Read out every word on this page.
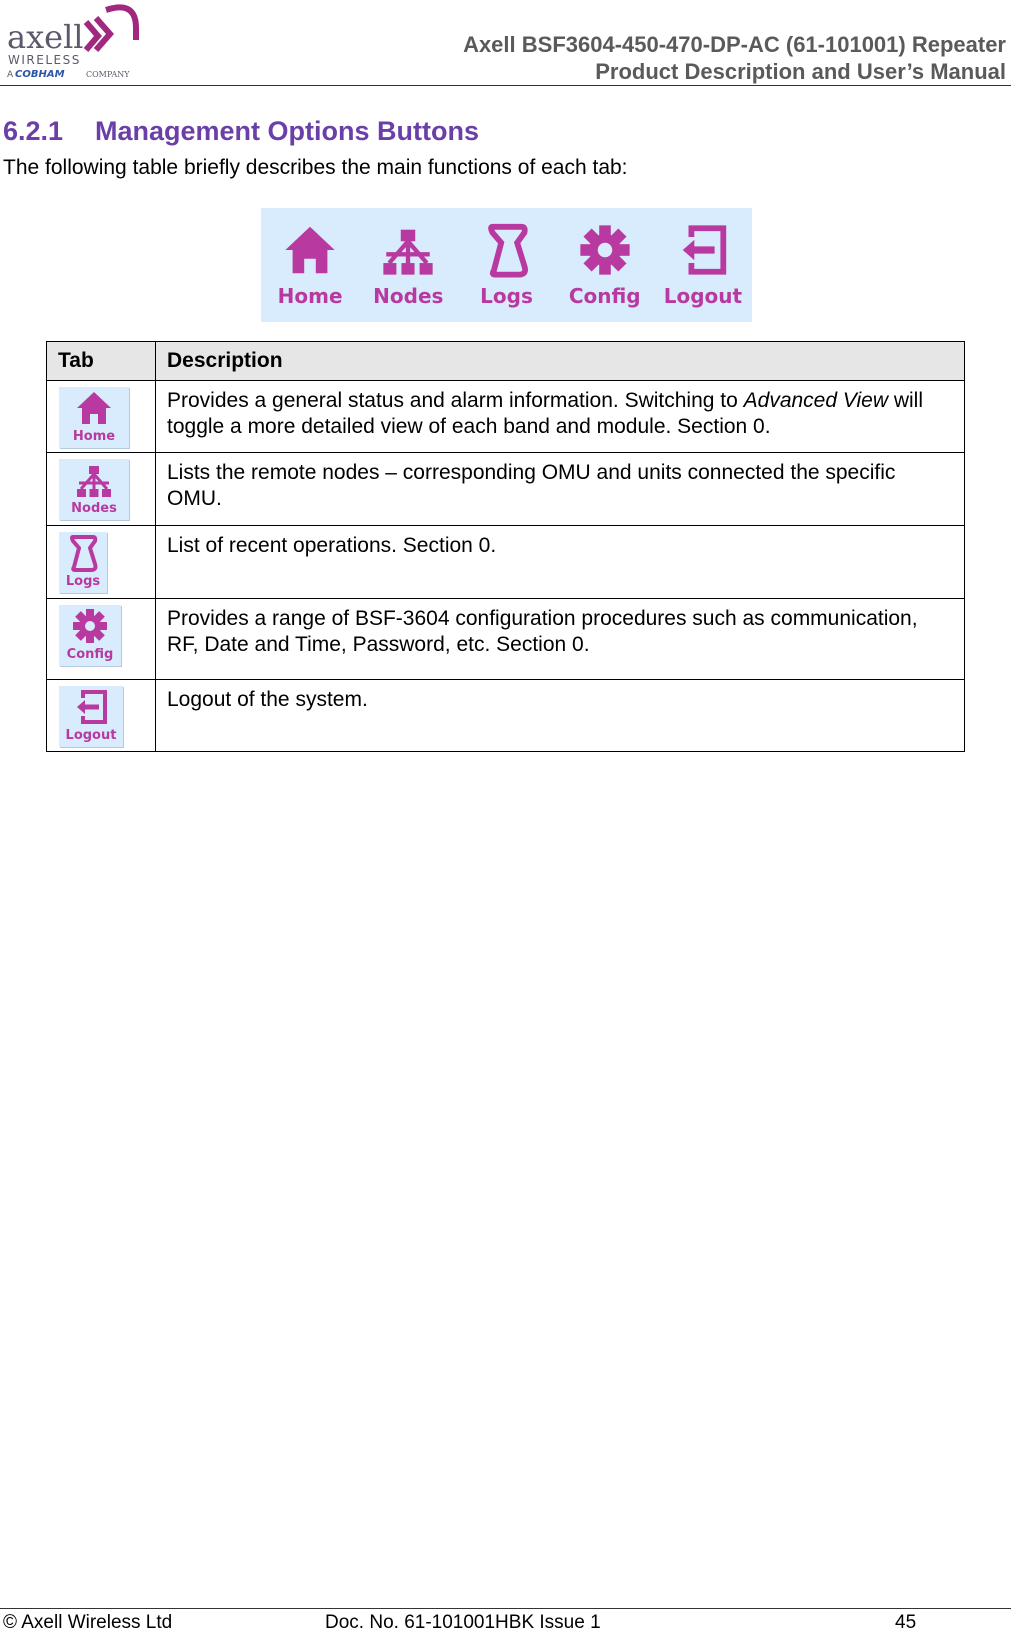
axell
WIRELESS
A COBHAM	COMPANY
Axell BSF3604-450-470-DP-AC (61-101001) Repeater
Product Description and User’s Manual
6.2.1 Management Options Buttons
The following table briefly describes the main functions of each tab:
Home Nodes Logs Config Logout
Tab	Description

Home	Provides a general status and alarm information. Switching to Advanced View will toggle a more detailed view of each band and module. Section 0.

Nodes	Lists the remote nodes – corresponding OMU and units connected the specific OMU.

Logs	List of recent operations. Section 0.

Config	Provides a range of BSF-3604 configuration procedures such as communication, RF, Date and Time, Password, etc. Section 0.

Logout	Logout of the system.
© Axell Wireless Ltd	Doc. No. 61-101001HBK Issue 1	45
